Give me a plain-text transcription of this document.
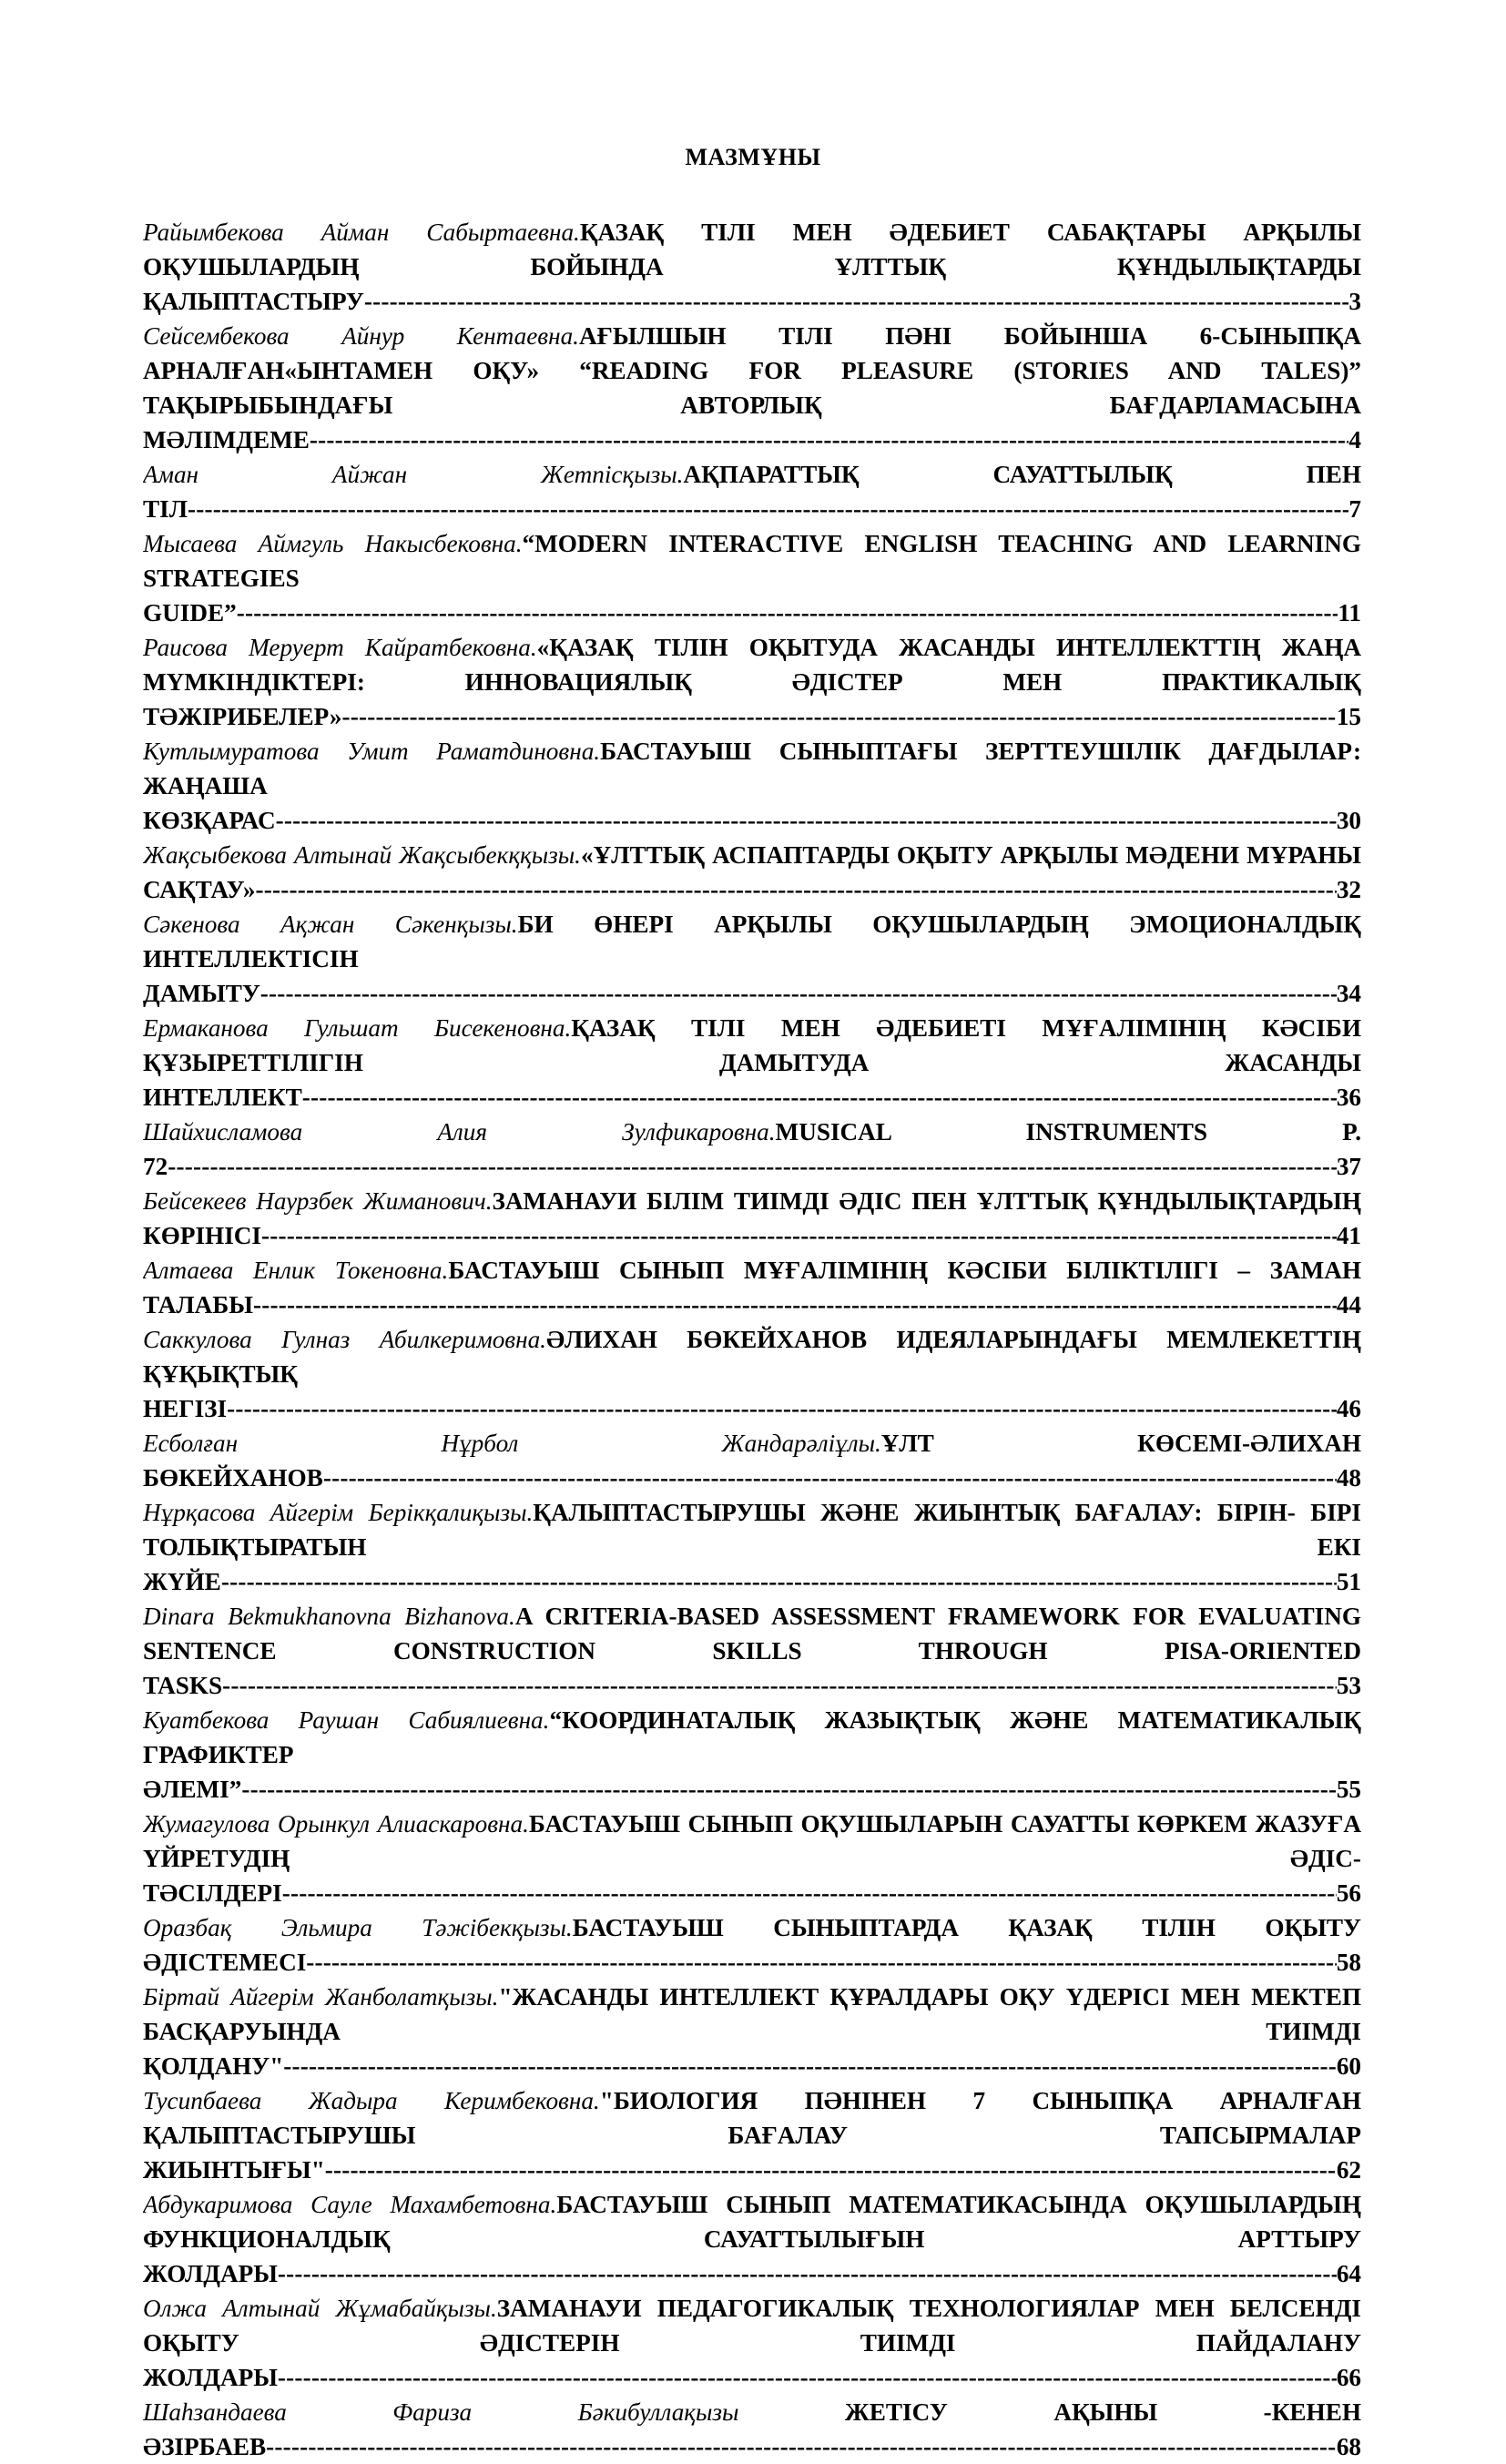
МАЗМҰНЫ

Райымбекова Айман Сабыртаевна.ҚАЗАҚ ТІЛІ МЕН ӘДЕБИЕТ САБАҚТАРЫ АРҚЫЛЫ ОҚУШЫЛАРДЫҢ БОЙЫНДА ҰЛТТЫҚ ҚҰНДЫЛЫҚТАРДЫ ҚАЛЫПТАСТЫРУ -----	3

Сейсембекова Айнур Кентаевна.АҒЫЛШЫН ТІЛІ ПӘНІ БОЙЫНША 6-СЫНЫПҚА АРНАЛҒАН«ЫНТАМЕН ОҚУ» “READING FOR PLEASURE (STORIES AND TALES)” ТАҚЫРЫБЫНДАҒЫ АВТОРЛЫҚ БАҒДАРЛАМАСЫНА МӘЛІМДЕМЕ -----	4

Аман Айжан Жетпісқызы.АҚПАРАТТЫҚ САУАТТЫЛЫҚ ПЕН ТІЛ -----	7

Мысаева Аймгуль Накысбековна.“MODERN INTERACTIVE ENGLISH TEACHING AND LEARNING STRATEGIES GUIDE” -----	11

Раисова Меруерт Кайратбековна.«ҚАЗАҚ ТІЛІН ОҚЫТУДА ЖАСАНДЫ ИНТЕЛЛЕКТТІҢ ЖАҢА МҮМКІНДІКТЕРІ: ИННОВАЦИЯЛЫҚ ӘДІСТЕР МЕН ПРАКТИКАЛЫҚ ТӘЖІРИБЕЛЕР» -----	15

Кутлымуратова Умит Раматдиновна.БАСТАУЫШ СЫНЫПТАҒЫ ЗЕРТТЕУШІЛІК ДАҒДЫЛАР: ЖАҢАША КӨЗҚАРАС -----	30

Жақсыбекова Алтынай Жақсыбекққызы.«ҰЛТТЫҚ АСПАПТАРДЫ ОҚЫТУ АРҚЫЛЫ МӘДЕНИ МҰРАНЫ САҚТАУ» -----	32

Сәкенова Ақжан Сәкенқызы.БИ ӨНЕРІ АРҚЫЛЫ ОҚУШЫЛАРДЫҢ ЭМОЦИОНАЛДЫҚ ИНТЕЛЛЕКТІСІН ДАМЫТУ -----	34

Ермаканова Гульшат Бисекеновна.ҚАЗАҚ ТІЛІ МЕН ӘДЕБИЕТІ МҰҒАЛІМІНІҢ КӘСІБИ ҚҰЗЫРЕТТІЛІГІН ДАМЫТУДА ЖАСАНДЫ ИНТЕЛЛЕКТ -----	36

Шайхисламова Алия Зулфикаровна.MUSICAL INSTRUMENTS P. 72 -----	37

Бейсекеев Наурзбек Жиманович.ЗАМАНАУИ БІЛІМ ТИІМДІ ӘДІС ПЕН ҰЛТТЫҚ ҚҰНДЫЛЫҚТАРДЫҢ КӨРІНІСІ -----	41

Алтаева Енлик Токеновна.БАСТАУЫШ СЫНЫП МҰҒАЛІМІНІҢ КӘСІБИ БІЛІКТІЛІГІ – ЗАМАН ТАЛАБЫ -----	44

Саккулова Гулназ Абилкеримовна.ӘЛИХАН БӨКЕЙХАНОВ ИДЕЯЛАРЫНДАҒЫ МЕМЛЕКЕТТІҢ ҚҰҚЫҚТЫҚ НЕГІЗІ -----	46

Есболған Нұрбол Жандарәліұлы.ҰЛТ КӨСЕМІ-ӘЛИХАН БӨКЕЙХАНОВ -----	48

Нұрқасова Айгерім Берікқалиқызы.ҚАЛЫПТАСТЫРУШЫ ЖӘНЕ ЖИЫНТЫҚ БАҒАЛАУ: БІРІН- БІРІ ТОЛЫҚТЫРАТЫН ЕКІ ЖҮЙЕ -----	51

Dinara Bekmukhanovna Bizhanova.A CRITERIA-BASED ASSESSMENT FRAMEWORK FOR EVALUATING SENTENCE CONSTRUCTION SKILLS THROUGH PISA-ORIENTED TASKS -----	53

Куатбекова Раушан Сабиялиевна.“КООРДИНАТАЛЫҚ ЖАЗЫҚТЫҚ ЖӘНЕ МАТЕМАТИКАЛЫҚ ГРАФИКТЕР ӘЛЕМІ” -----	55

Жумагулова Орынкул Алиаскаровна.БАСТАУЫШ СЫНЫП ОҚУШЫЛАРЫН САУАТТЫ КӨРКЕМ ЖАЗУҒА ҮЙРЕТУДІҢ ӘДІС-ТӘСІЛДЕРІ -----	56

Оразбақ Эльмира Тәжібекқызы.БАСТАУЫШ СЫНЫПТАРДА ҚАЗАҚ ТІЛІН ОҚЫТУ ӘДІСТЕМЕСІ -----	58

Біртай Айгерім Жанболатқызы."ЖАСАНДЫ ИНТЕЛЛЕКТ ҚҰРАЛДАРЫ ОҚУ ҮДЕРІСІ МЕН МЕКТЕП БАСҚАРУЫНДА ТИІМДІ ҚОЛДАНУ" -----	60

Тусипбаева Жадыра Керимбековна."БИОЛОГИЯ ПӘНІНЕН 7 СЫНЫПҚА АРНАЛҒАН ҚАЛЫПТАСТЫРУШЫ БАҒАЛАУ ТАПСЫРМАЛАР ЖИЫНТЫҒЫ" -----	62

Абдукаримова Сауле Махамбетовна.БАСТАУЫШ СЫНЫП МАТЕМАТИКАСЫНДА ОҚУШЫЛАРДЫҢ ФУНКЦИОНАЛДЫҚ САУАТТЫЛЫҒЫН АРТТЫРУ ЖОЛДАРЫ -----	64

Олжа Алтынай Жұмабайқызы.ЗАМАНАУИ ПЕДАГОГИКАЛЫҚ ТЕХНОЛОГИЯЛАР МЕН БЕЛСЕНДІ ОҚЫТУ ӘДІСТЕРІН ТИІМДІ ПАЙДАЛАНУ ЖОЛДАРЫ -----	66

Шаһзандаева Фариза Бәкибуллақызы ЖЕТІСУ АҚЫНЫ -КЕНЕН ӘЗІРБАЕВ -----	68
